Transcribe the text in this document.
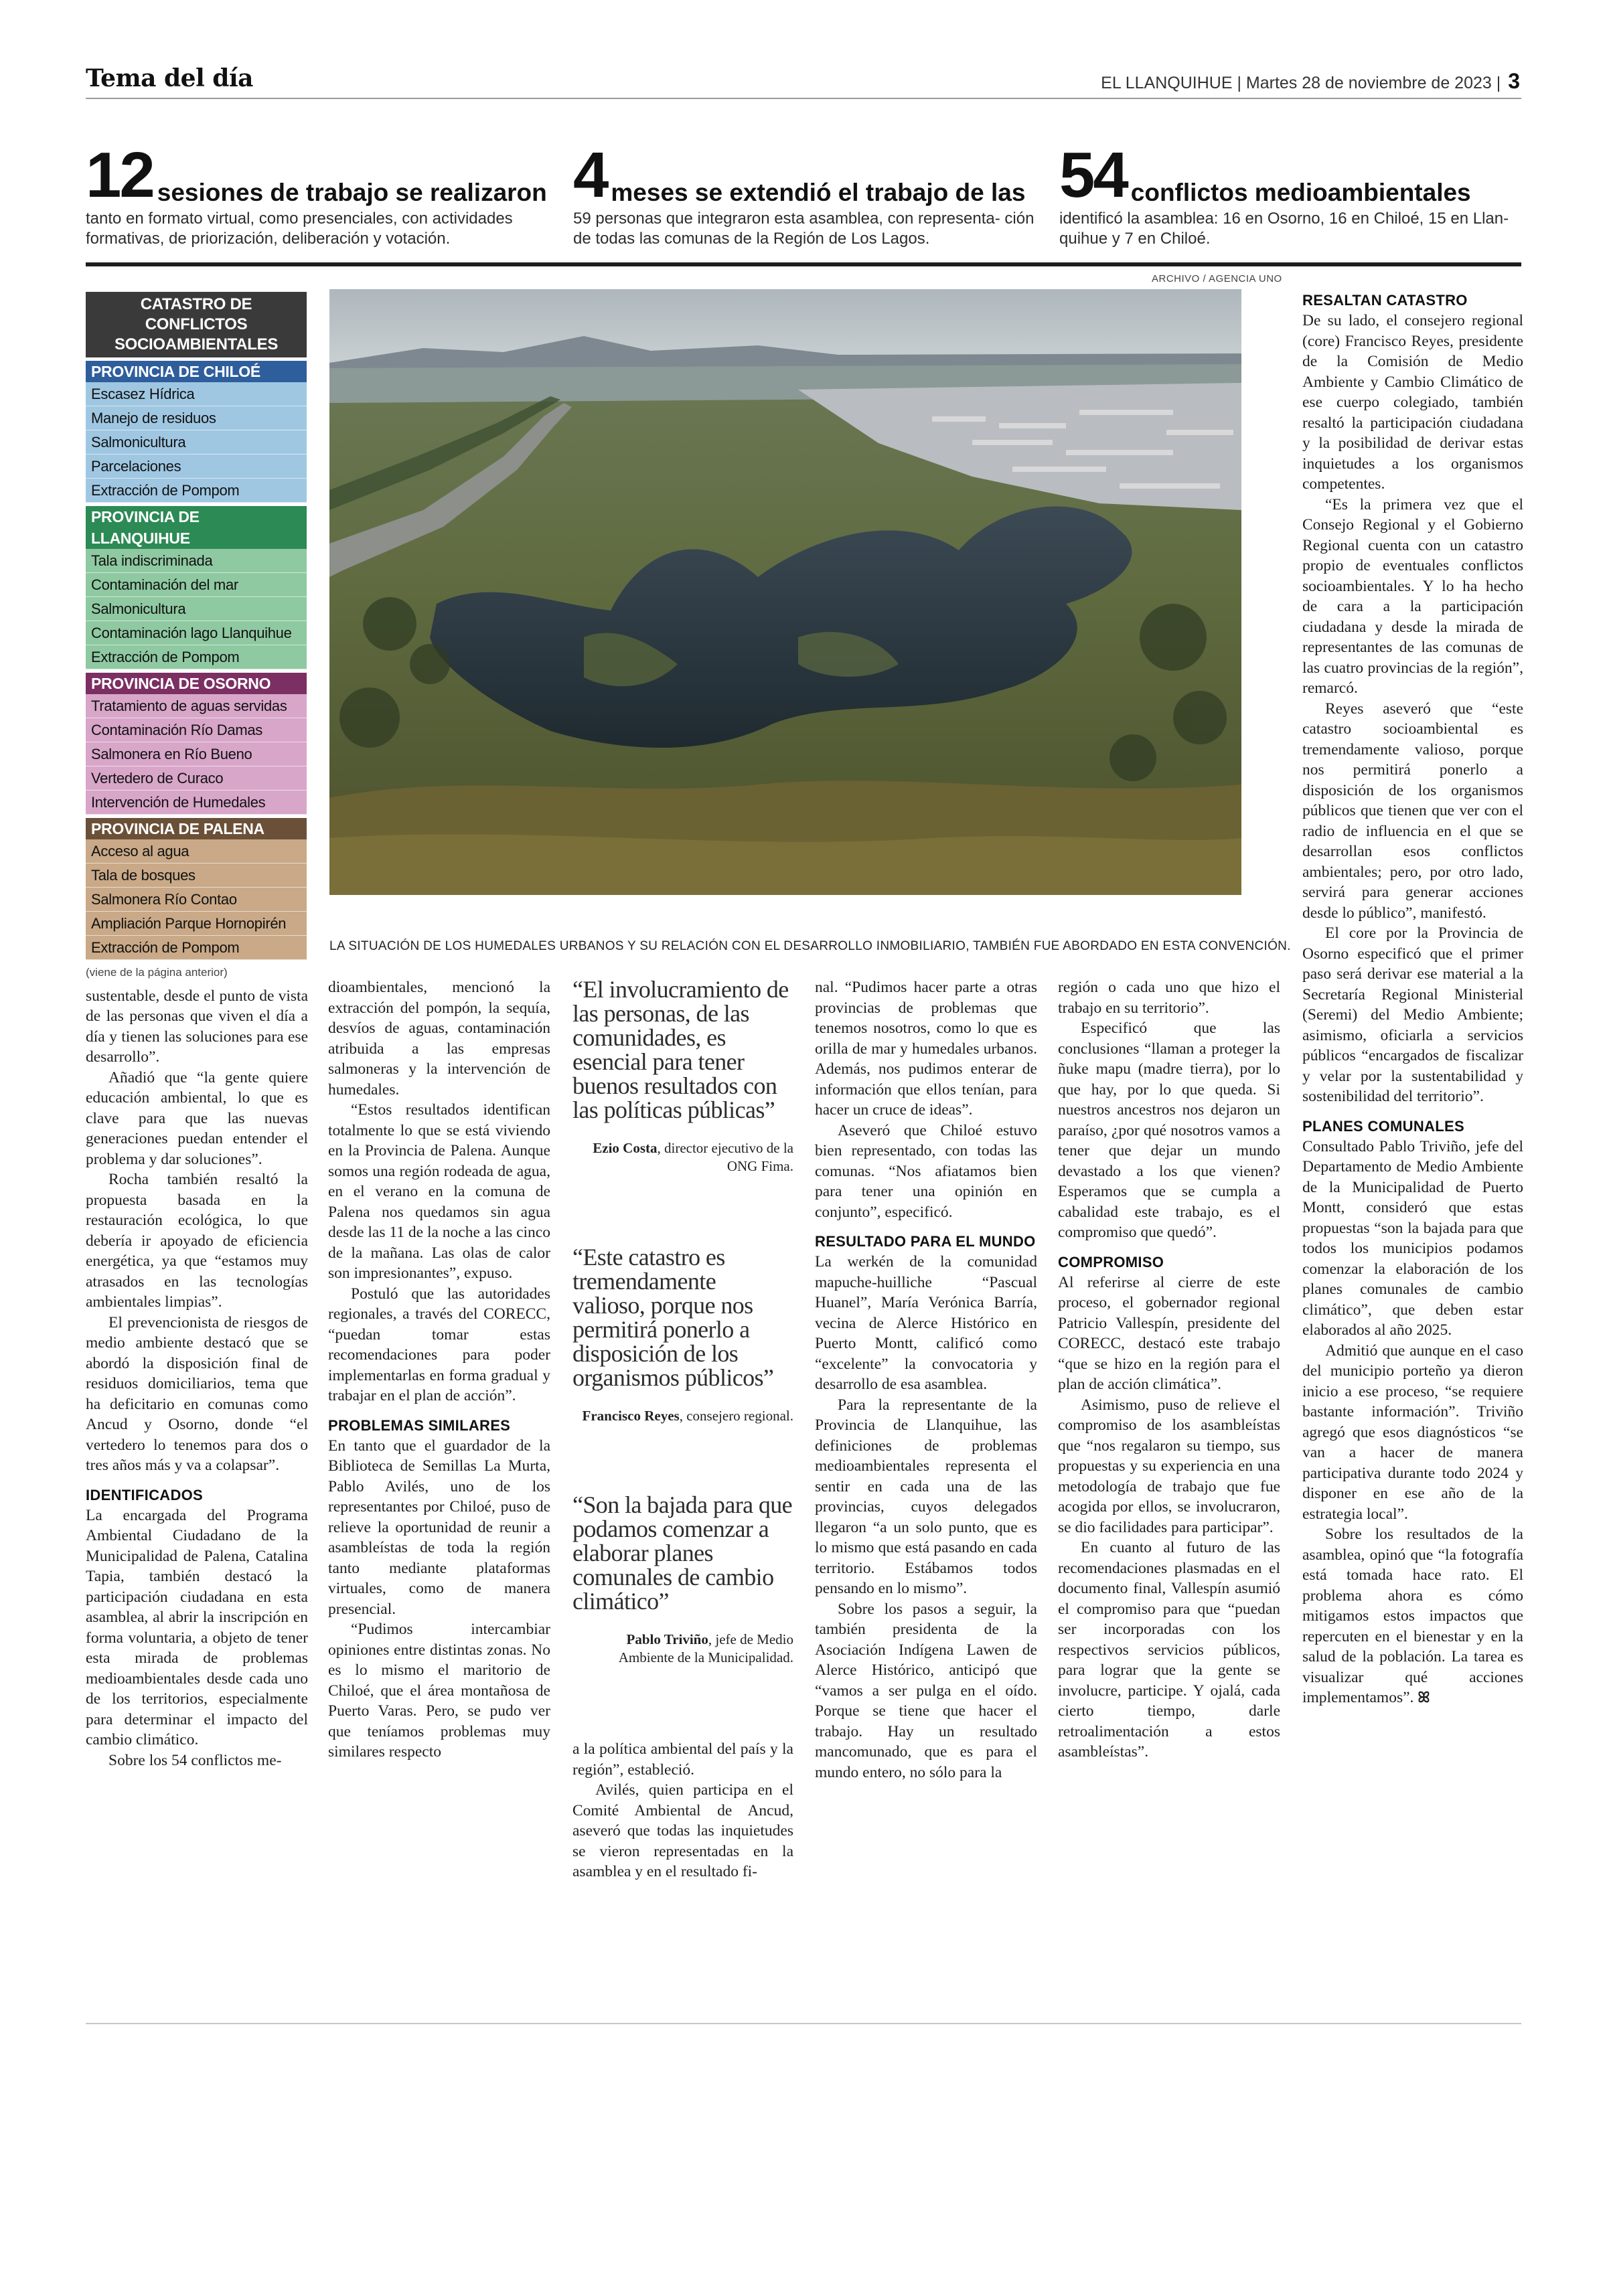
Tema del día	EL LLANQUIHUE | Martes 28 de noviembre de 2023 | 3
12 sesiones de trabajo se realizaron
tanto en formato virtual, como presenciales, con actividades formativas, de priorización, deliberación y votación.
4 meses se extendió el trabajo de las
59 personas que integraron esta asamblea, con representa- ción de todas las comunas de la Región de Los Lagos.
54 conflictos medioambientales
identificó la asamblea: 16 en Osorno, 16 en Chiloé, 15 en Llan- quihue y 7 en Chiloé.
ARCHIVO / AGENCIA UNO
CATASTRO DE CONFLICTOS SOCIOAMBIENTALES
PROVINCIA DE CHILOÉ
Escasez Hídrica
Manejo de residuos
Salmonicultura
Parcelaciones
Extracción de Pompom
PROVINCIA DE LLANQUIHUE
Tala indiscriminada
Contaminación del mar
Salmonicultura
Contaminación lago Llanquihue
Extracción de Pompom
PROVINCIA DE OSORNO
Tratamiento de aguas servidas
Contaminación Río Damas
Salmonera en Río Bueno
Vertedero de Curaco
Intervención de Humedales
PROVINCIA DE PALENA
Acceso al agua
Tala de bosques
Salmonera Río Contao
Ampliación Parque Hornopirén
Extracción de Pompom	LA SITUACIÓN DE LOS HUMEDALES URBANOS Y SU RELACIÓN CON EL DESARROLLO INMOBILIARIO, TAMBIÉN FUE ABORDADO EN ESTA CONVENCIÓN.
(viene de la página anterior)

sustentable, desde el punto de vista de las personas que viven el día a día y tienen las soluciones para ese desarrollo”.

Añadió que “la gente quiere educación ambiental, lo que es clave para que las nuevas generaciones puedan entender el problema y dar soluciones”.

Rocha también resaltó la propuesta basada en la restauración ecológica, lo que debería ir apoyado de eficiencia energética, ya que “estamos muy atrasados en las tecnologías ambientales limpias”.

El prevencionista de riesgos de medio ambiente destacó que se abordó la disposición final de residuos domiciliarios, tema que ha deficitario en comunas como Ancud y Osorno, donde “el vertedero lo tenemos para dos o tres años más y va a colapsar”.

IDENTIFICADOS

La encargada del Programa Ambiental Ciudadano de la Municipalidad de Palena, Catalina Tapia, también destacó la participación ciudadana en esta asamblea, al abrir la inscripción en forma voluntaria, a objeto de tener esta mirada de problemas medioambientales desde cada uno de los territorios, especialmente para determinar el impacto del cambio climático.

Sobre los 54 conflictos me-

dioambientales, mencionó la extracción del pompón, la sequía, desvíos de aguas, contaminación atribuida a las empresas salmoneras y la intervención de humedales.

“Estos resultados identifican totalmente lo que se está viviendo en la Provincia de Palena. Aunque somos una región rodeada de agua, en el verano en la comuna de Palena nos quedamos sin agua desde las 11 de la noche a las cinco de la mañana. Las olas de calor son impresionantes”, expuso.

Postuló que las autoridades regionales, a través del CORECC, “puedan tomar estas recomendaciones para poder implementarlas en forma gradual y trabajar en el plan de acción”.

PROBLEMAS SIMILARES

En tanto que el guardador de la Biblioteca de Semillas La Murta, Pablo Avilés, uno de los representantes por Chiloé, puso de relieve la oportunidad de reunir a asambleístas de toda la región tanto mediante plataformas virtuales, como de manera presencial.

“Pudimos intercambiar opiniones entre distintas zonas. No es lo mismo el maritorio de Chiloé, que el área montañosa de Puerto Varas. Pero, se pudo ver que teníamos problemas muy similares respecto

“El involucramiento de las personas, de las comunidades, es esencial para tener buenos resultados con las políticas públicas”
Ezio Costa, director ejecutivo de la ONG Fima.
“Este catastro es tremendamente valioso, porque nos permitirá ponerlo a disposición de los organismos públicos”
Francisco Reyes, consejero regional.
“Son la bajada para que podamos comenzar a elaborar planes comunales de cambio climático”
Pablo Triviño, jefe de Medio Ambiente de la Municipalidad.

a la política ambiental del país y la región”, estableció.

Avilés, quien participa en el Comité Ambiental de Ancud, aseveró que todas las inquietudes se vieron representadas en la asamblea y en el resultado fi-

nal. “Pudimos hacer parte a otras provincias de problemas que tenemos nosotros, como lo que es orilla de mar y humedales urbanos. Además, nos pudimos enterar de información que ellos tenían, para hacer un cruce de ideas”.

Aseveró que Chiloé estuvo bien representado, con todas las comunas. “Nos afiatamos bien para tener una opinión en conjunto”, especificó.

RESULTADO PARA EL MUNDO

La werkén de la comunidad mapuche-huilliche “Pascual Huanel”, María Verónica Barría, vecina de Alerce Histórico en Puerto Montt, calificó como “excelente” la convocatoria y desarrollo de esa asamblea.

Para la representante de la Provincia de Llanquihue, las definiciones de problemas medioambientales representa el sentir en cada una de las provincias, cuyos delegados llegaron “a un solo punto, que es lo mismo que está pasando en cada territorio. Estábamos todos pensando en lo mismo”.

Sobre los pasos a seguir, la también presidenta de la Asociación Indígena Lawen de Alerce Histórico, anticipó que “vamos a ser pulga en el oído. Porque se tiene que hacer el trabajo. Hay un resultado mancomunado, que es para el mundo entero, no sólo para la

región o cada uno que hizo el trabajo en su territorio”.

Especificó que las conclusiones “llaman a proteger la ñuke mapu (madre tierra), por lo que hay, por lo que queda. Si nuestros ancestros nos dejaron un paraíso, ¿por qué nosotros vamos a tener que dejar un mundo devastado a los que vienen? Esperamos que se cumpla a cabalidad este trabajo, es el compromiso que quedó”.

COMPROMISO

Al referirse al cierre de este proceso, el gobernador regional Patricio Vallespín, presidente del CORECC, destacó este trabajo “que se hizo en la región para el plan de acción climática”.

Asimismo, puso de relieve el compromiso de los asambleístas que “nos regalaron su tiempo, sus propuestas y su experiencia en una metodología de trabajo que fue acogida por ellos, se involucraron, se dio facilidades para participar”.

En cuanto al futuro de las recomendaciones plasmadas en el documento final, Vallespín asumió el compromiso para que “puedan ser incorporadas con los respectivos servicios públicos, para lograr que la gente se involucre, participe. Y ojalá, cada cierto tiempo, darle retroalimentación a estos asambleístas”.

RESALTAN CATASTRO

De su lado, el consejero regional (core) Francisco Reyes, presidente de la Comisión de Medio Ambiente y Cambio Climático de ese cuerpo colegiado, también resaltó la participación ciudadana y la posibilidad de derivar estas inquietudes a los organismos competentes.

“Es la primera vez que el Consejo Regional y el Gobierno Regional cuenta con un catastro propio de eventuales conflictos socioambientales. Y lo ha hecho de cara a la participación ciudadana y desde la mirada de representantes de las comunas de las cuatro provincias de la región”, remarcó.

Reyes aseveró que “este catastro socioambiental es tremendamente valioso, porque nos permitirá ponerlo a disposición de los organismos públicos que tienen que ver con el radio de influencia en el que se desarrollan esos conflictos ambientales; pero, por otro lado, servirá para generar acciones desde lo público”, manifestó.

El core por la Provincia de Osorno especificó que el primer paso será derivar ese material a la Secretaría Regional Ministerial (Seremi) del Medio Ambiente; asimismo, oficiarla a servicios públicos “encargados de fiscalizar y velar por la sustentabilidad y sostenibilidad del territorio”.

PLANES COMUNALES

Consultado Pablo Triviño, jefe del Departamento de Medio Ambiente de la Municipalidad de Puerto Montt, consideró que estas propuestas “son la bajada para que todos los municipios podamos comenzar la elaboración de los planes comunales de cambio climático”, que deben estar elaborados al año 2025.

Admitió que aunque en el caso del municipio porteño ya dieron inicio a ese proceso, “se requiere bastante información”. Triviño agregó que esos diagnósticos “se van a hacer de manera participativa durante todo 2024 y disponer en ese año de la estrategia local”.

Sobre los resultados de la asamblea, opinó que “la fotografía está tomada hace rato. El problema ahora es cómo mitigamos estos impactos que repercuten en el bienestar y en la salud de la población. La tarea es visualizar qué acciones implementamos”. ꕤ
